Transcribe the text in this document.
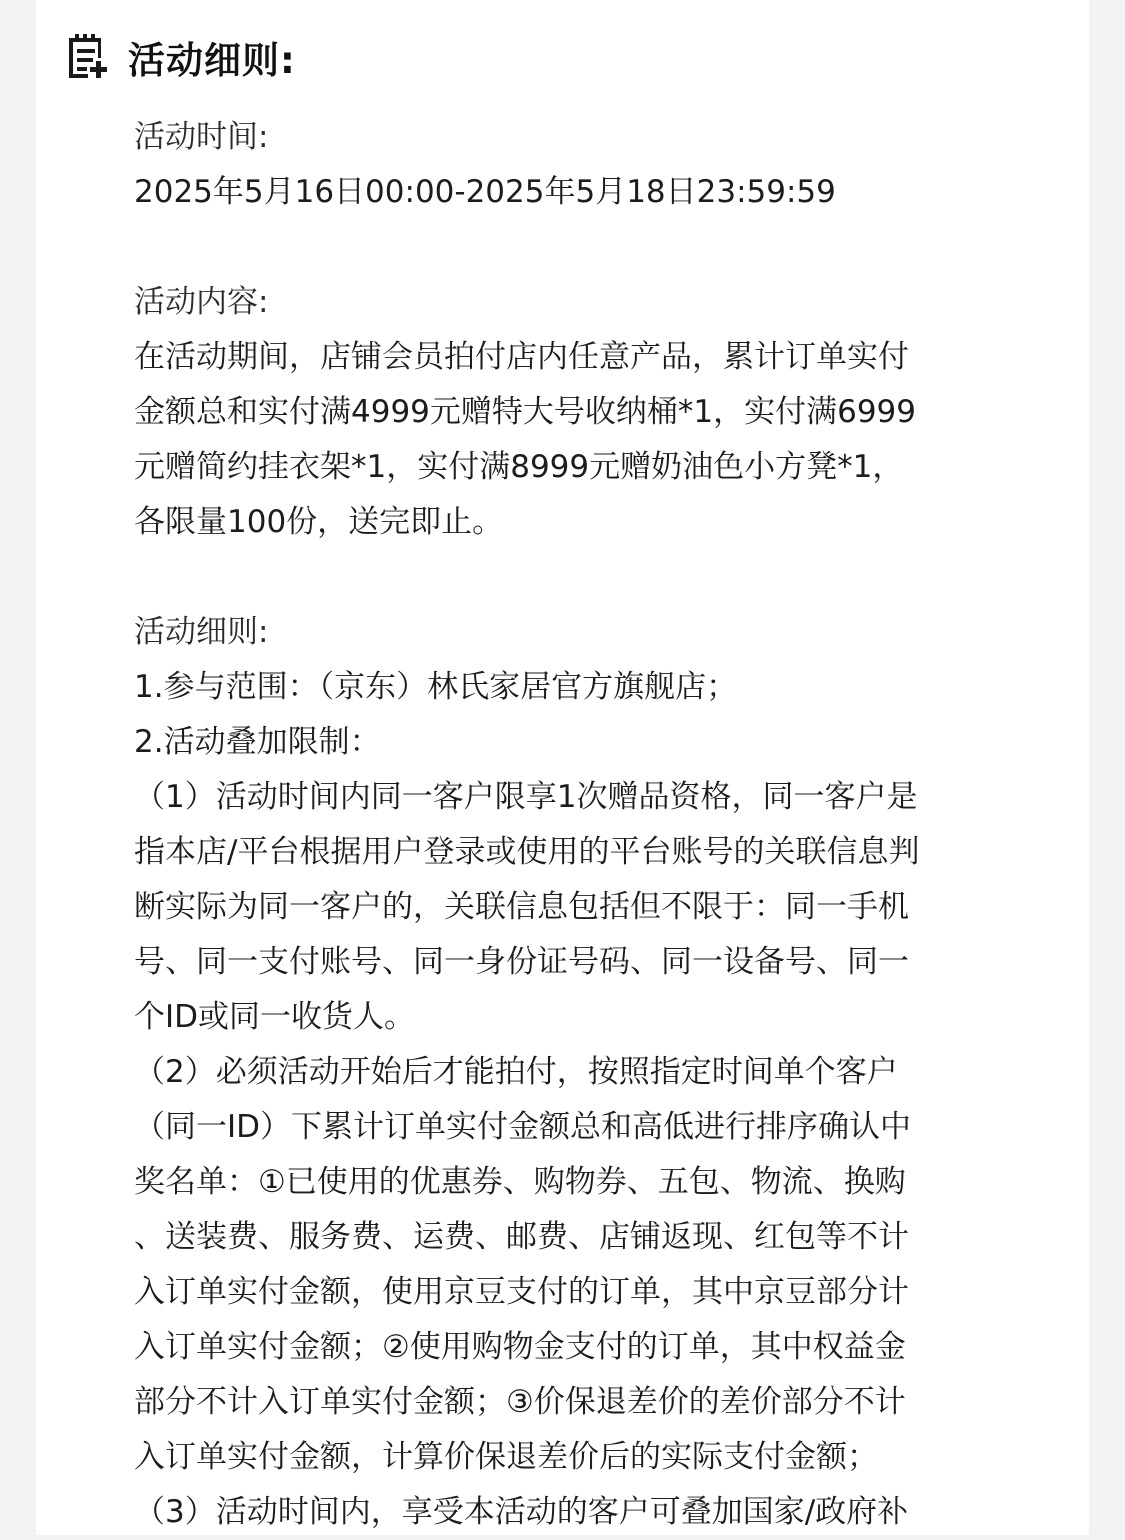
活动细则:
活动时间:
2025年5月16日00:00-2025年5月18日23:59:59
活动内容:
在活动期间，店铺会员拍付店内任意产品，累计订单实付
金额总和实付满4999元赠特大号收纳桶*1，实付满6999
元赠简约挂衣架*1，实付满8999元赠奶油色小方凳*1，
各限量100份，送完即止。
活动细则:
1.参与范围：（京东）林氏家居官方旗舰店；
2.活动叠加限制：
（1）活动时间内同一客户限享1次赠品资格，同一客户是
指本店/平台根据用户登录或使用的平台账号的关联信息判
断实际为同一客户的，关联信息包括但不限于：同一手机
号、同一支付账号、同一身份证号码、同一设备号、同一
个ID或同一收货人。
（2）必须活动开始后才能拍付，按照指定时间单个客户
（同一ID）下累计订单实付金额总和高低进行排序确认中
奖名单：①已使用的优惠券、购物券、五包、物流、换购
、送装费、服务费、运费、邮费、店铺返现、红包等不计
入订单实付金额，使用京豆支付的订单，其中京豆部分计
入订单实付金额；②使用购物金支付的订单，其中权益金
部分不计入订单实付金额；③价保退差价的差价部分不计
入订单实付金额，计算价保退差价后的实际支付金额；
（3）活动时间内，享受本活动的客户可叠加国家/政府补
